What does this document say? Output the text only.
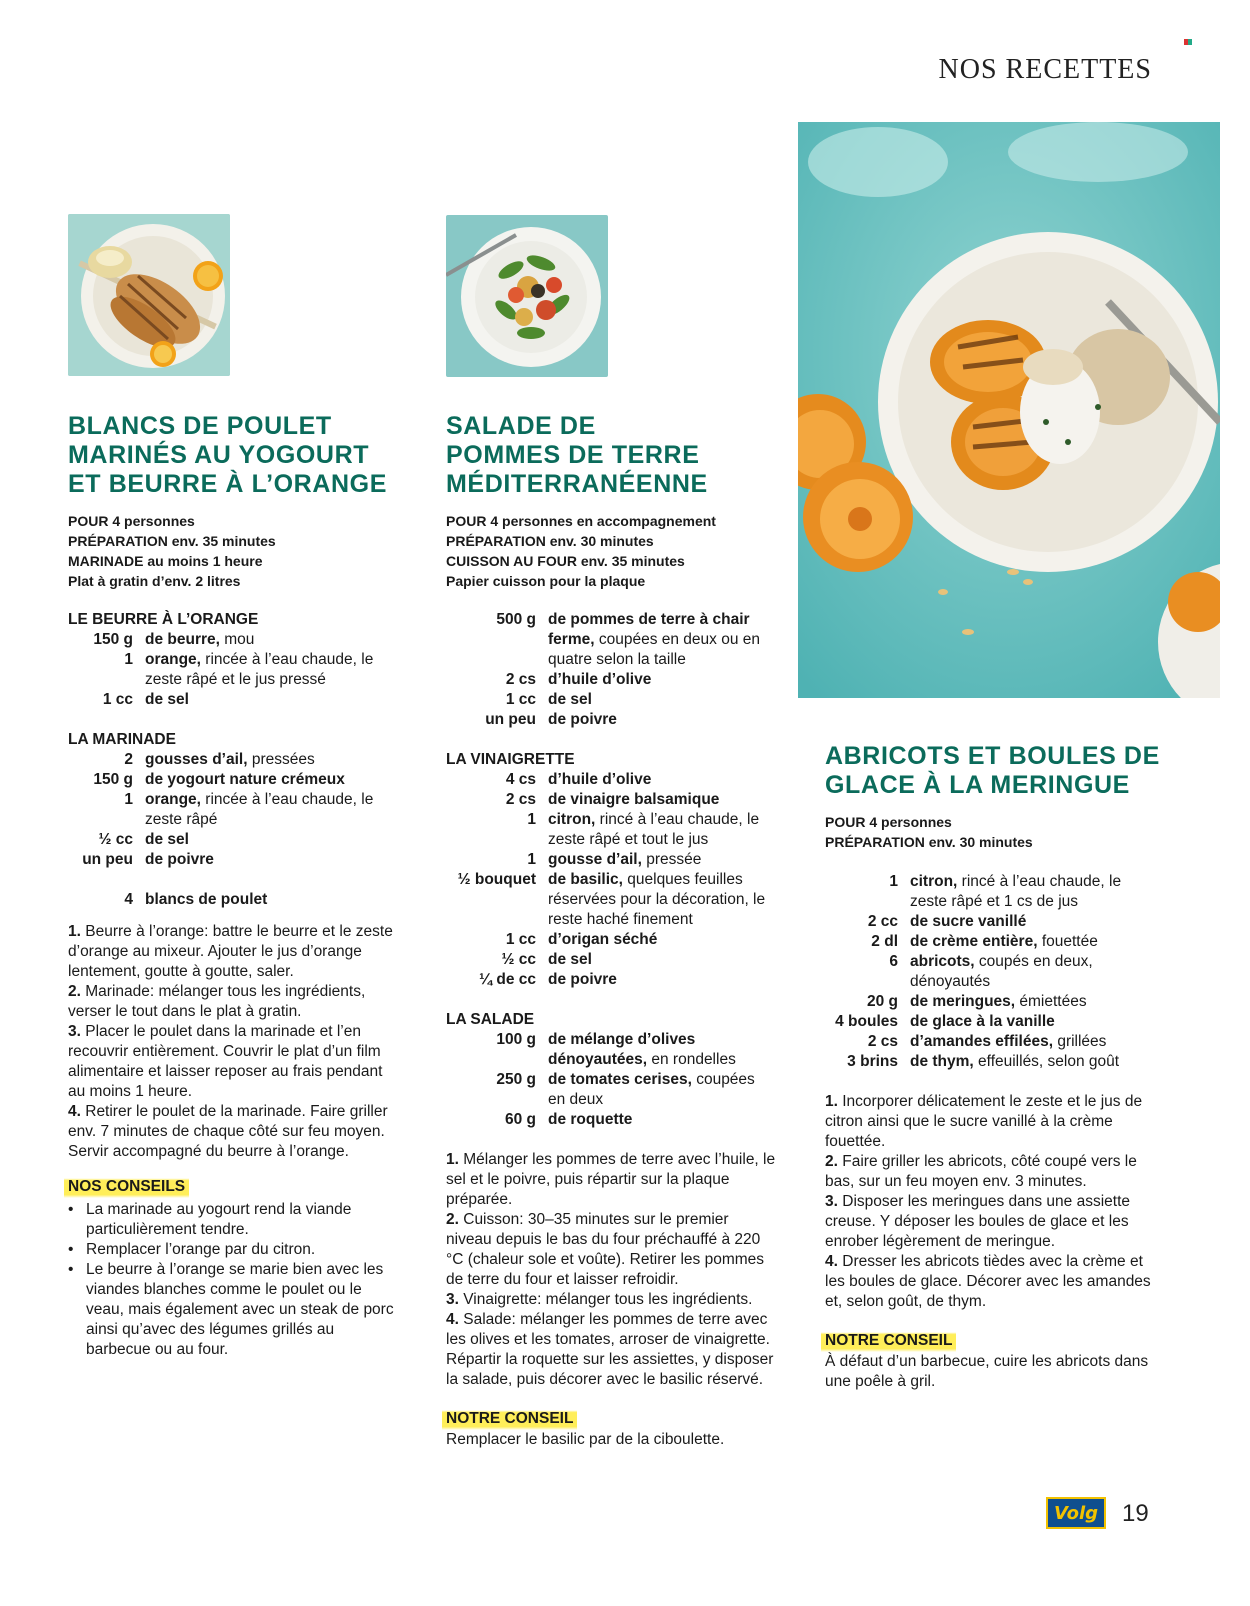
NOS RECETTES
BLANCS DE POULET
MARINÉS AU YOGOURT
ET BEURRE À L’ORANGE
POUR 4 personnes
PRÉPARATION env. 35 minutes
MARINADE au moins 1 heure
Plat à gratin d’env. 2 litres
LE BEURRE À L’ORANGE
150 g de beurre, mou
1 orange, rincée à l’eau chaude, le zeste râpé et le jus pressé
1 cc de sel
LA MARINADE
2 gousses d’ail, pressées
150 g de yogourt nature crémeux
1 orange, rincée à l’eau chaude, le zeste râpé
½ cc de sel
un peu de poivre
4 blancs de poulet
1. Beurre à l’orange: battre le beurre et le zeste d’orange au mixeur. Ajouter le jus d’orange lentement, goutte à goutte, saler.
2. Marinade: mélanger tous les ingrédients, verser le tout dans le plat à gratin.
3. Placer le poulet dans la marinade et l’en recouvrir entièrement. Couvrir le plat d’un film alimentaire et laisser reposer au frais pendant au moins 1 heure.
4. Retirer le poulet de la marinade. Faire griller env. 7 minutes de chaque côté sur feu moyen. Servir accompagné du beurre à l’orange.
NOS CONSEILS
• La marinade au yogourt rend la viande particulièrement tendre.
• Remplacer l’orange par du citron.
• Le beurre à l’orange se marie bien avec les viandes blanches comme le poulet ou le veau, mais également avec un steak de porc ainsi qu’avec des légumes grillés au barbecue ou au four.
SALADE DE
POMMES DE TERRE
MÉDITERRANÉENNE
POUR 4 personnes en accompagnement
PRÉPARATION env. 30 minutes
CUISSON AU FOUR env. 35 minutes
Papier cuisson pour la plaque
500 g de pommes de terre à chair ferme, coupées en deux ou en quatre selon la taille
2 cs d’huile d’olive
1 cc de sel
un peu de poivre
LA VINAIGRETTE
4 cs d’huile d’olive
2 cs de vinaigre balsamique
1 citron, rincé à l’eau chaude, le zeste râpé et tout le jus
1 gousse d’ail, pressée
½ bouquet de basilic, quelques feuilles réservées pour la décoration, le reste haché finement
1 cc d’origan séché
½ cc de sel
¼ de cc de poivre
LA SALADE
100 g de mélange d’olives dénoyautées, en rondelles
250 g de tomates cerises, coupées en deux
60 g de roquette
1. Mélanger les pommes de terre avec l’huile, le sel et le poivre, puis répartir sur la plaque préparée.
2. Cuisson: 30–35 minutes sur le premier niveau depuis le bas du four préchauffé à 220 °C (chaleur sole et voûte). Retirer les pommes de terre du four et laisser refroidir.
3. Vinaigrette: mélanger tous les ingrédients.
4. Salade: mélanger les pommes de terre avec les olives et les tomates, arroser de vinaigrette. Répartir la roquette sur les assiettes, y disposer la salade, puis décorer avec le basilic réservé.
NOTRE CONSEIL
Remplacer le basilic par de la ciboulette.
ABRICOTS ET BOULES DE
GLACE À LA MERINGUE
POUR 4 personnes
PRÉPARATION env. 30 minutes
1 citron, rincé à l’eau chaude, le zeste râpé et 1 cs de jus
2 cc de sucre vanillé
2 dl de crème entière, fouettée
6 abricots, coupés en deux, dénoyautés
20 g de meringues, émiettées
4 boules de glace à la vanille
2 cs d’amandes effilées, grillées
3 brins de thym, effeuillés, selon goût
1. Incorporer délicatement le zeste et le jus de citron ainsi que le sucre vanillé à la crème fouettée.
2. Faire griller les abricots, côté coupé vers le bas, sur un feu moyen env. 3 minutes.
3. Disposer les meringues dans une assiette creuse. Y déposer les boules de glace et les enrober légèrement de meringue.
4. Dresser les abricots tièdes avec la crème et les boules de glace. Décorer avec les amandes et, selon goût, de thym.
NOTRE CONSEIL
À défaut d’un barbecue, cuire les abricots dans une poêle à gril.
Volg 19
